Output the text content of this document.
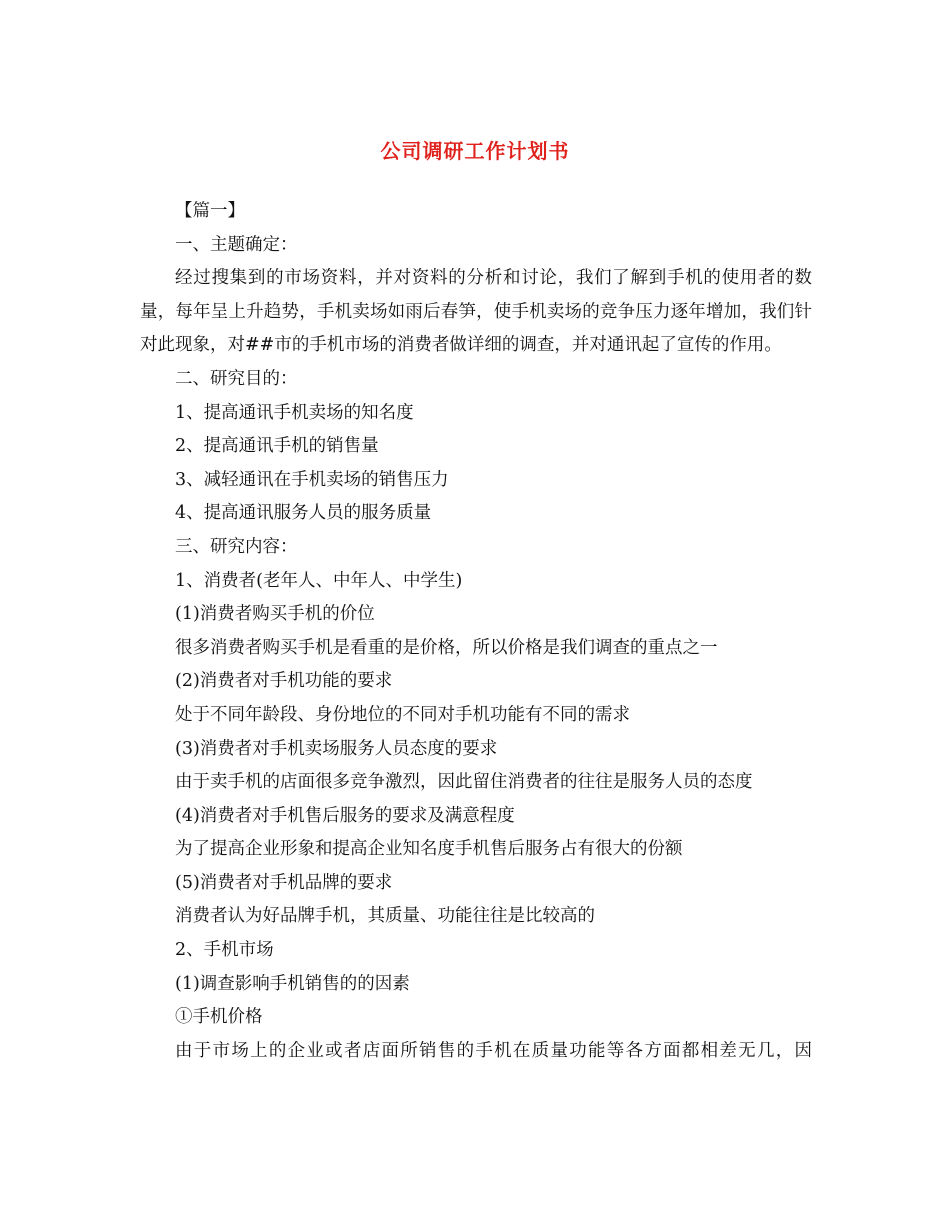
公司调研工作计划书

【篇一】

一、主题确定：

经过搜集到的市场资料，并对资料的分析和讨论，我们了解到手机的使用者的数量，每年呈上升趋势，手机卖场如雨后春笋，使手机卖场的竞争压力逐年增加，我们针对此现象，对##市的手机市场的消费者做详细的调查，并对通讯起了宣传的作用。

二、研究目的：

1、提高通讯手机卖场的知名度

2、提高通讯手机的销售量

3、减轻通讯在手机卖场的销售压力

4、提高通讯服务人员的服务质量

三、研究内容：

1、消费者(老年人、中年人、中学生)

(1)消费者购买手机的价位

很多消费者购买手机是看重的是价格，所以价格是我们调查的重点之一

(2)消费者对手机功能的要求

处于不同年龄段、身份地位的不同对手机功能有不同的需求

(3)消费者对手机卖场服务人员态度的要求

由于卖手机的店面很多竞争激烈，因此留住消费者的往往是服务人员的态度

(4)消费者对手机售后服务的要求及满意程度

为了提高企业形象和提高企业知名度手机售后服务占有很大的份额

(5)消费者对手机品牌的要求

消费者认为好品牌手机，其质量、功能往往是比较高的

2、手机市场

(1)调查影响手机销售的的因素

①手机价格

由于市场上的企业或者店面所销售的手机在质量功能等各方面都相差无几，因
